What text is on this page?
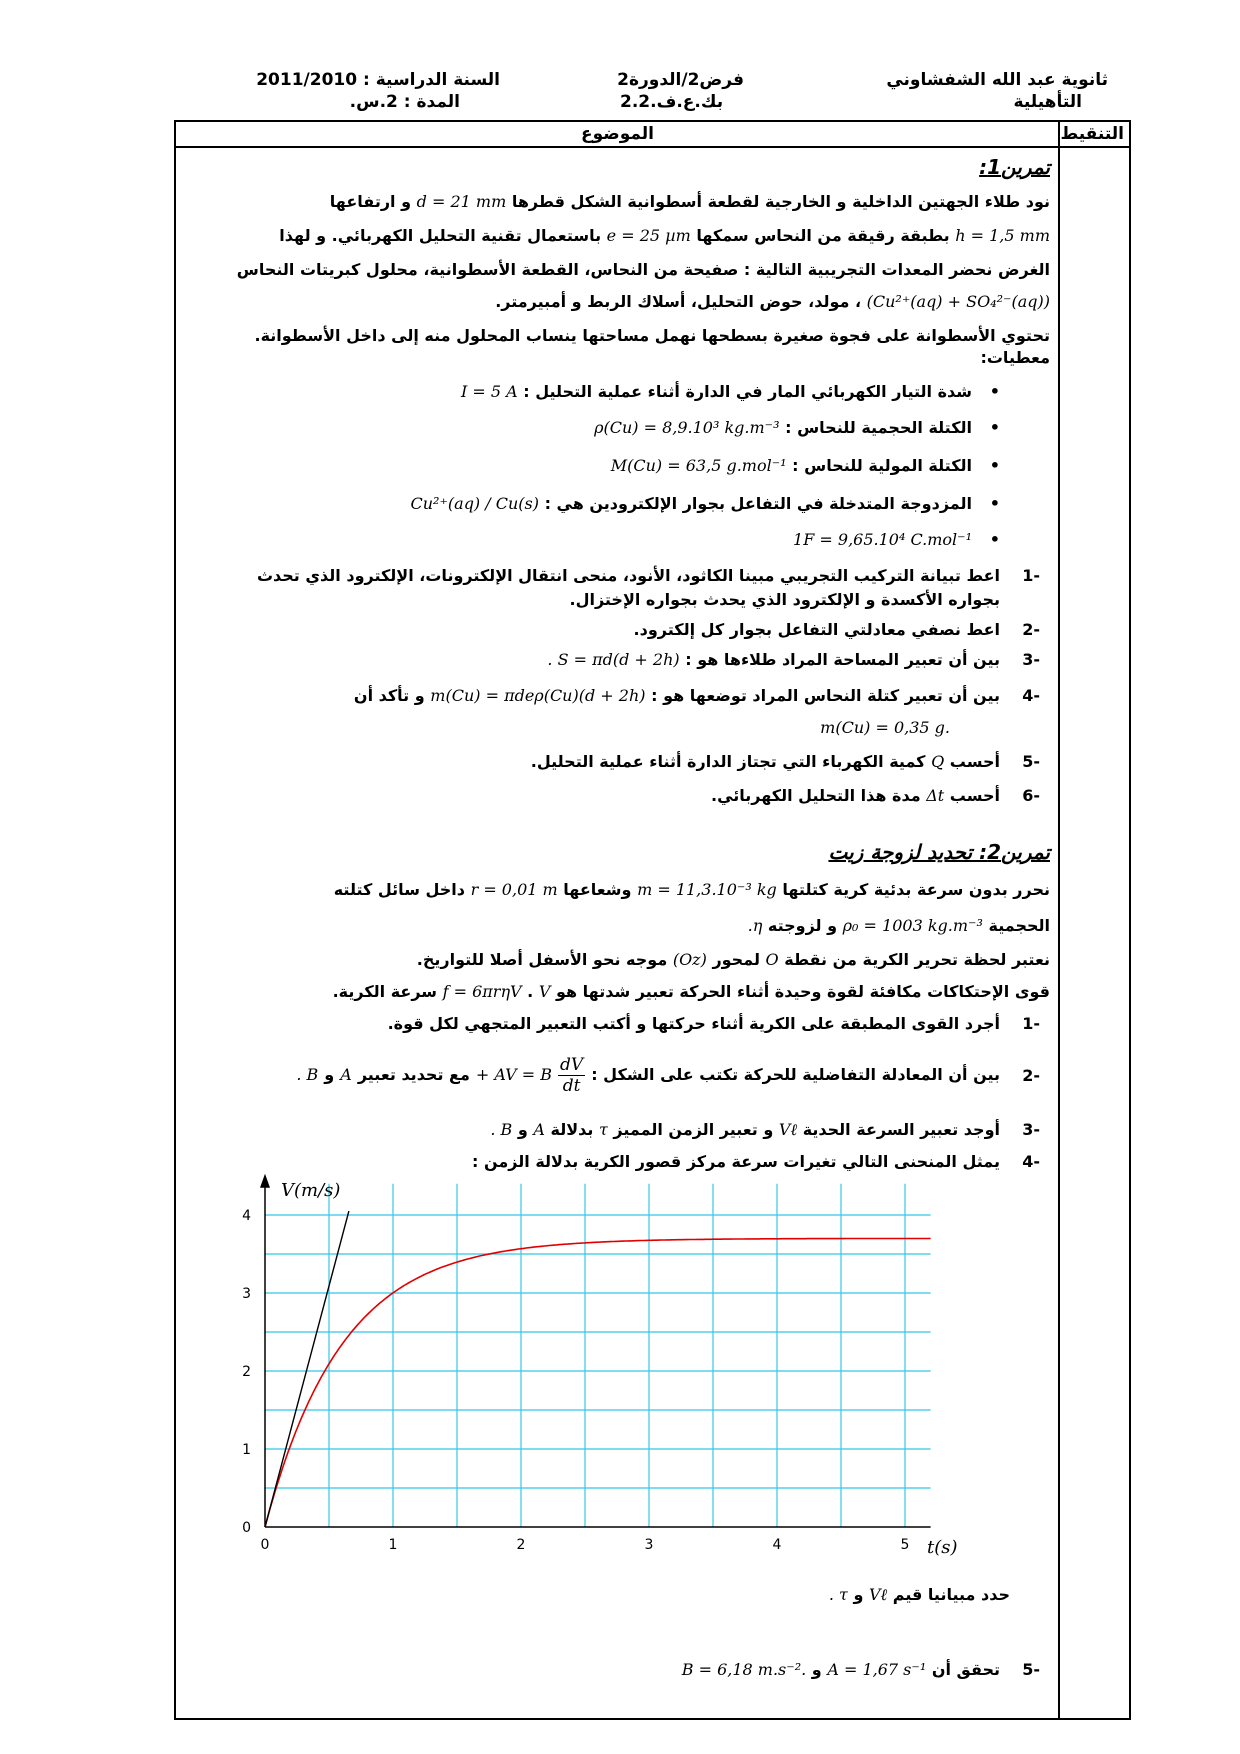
ثانوية عبد الله الشفشاوني
التأهيلية
فرض2/الدورة2
2.بك.ع.ف.2
السنة الدراسية : 2011/2010
المدة : 2.س.
التنقيط
الموضوع
تمرين1:
نود طلاء الجهتين الداخلية و الخارجية لقطعة أسطوانية الشكل قطرها d = 21 mm و ارتفاعها
h = 1,5 mm بطبقة رقيقة من النحاس سمكها e = 25 µm باستعمال تقنية التحليل الكهربائي. و لهذا
الغرض نحضر المعدات التجريبية التالية : صفيحة من النحاس، القطعة الأسطوانية، محلول كبريتات النحاس
(Cu²⁺(aq) + SO₄²⁻(aq)) ، مولد، حوض التحليل، أسلاك الربط و أمبيرمتر.
تحتوي الأسطوانة على فجوة صغيرة بسطحها نهمل مساحتها ينساب المحلول منه إلى داخل الأسطوانة.
معطيات:
• شدة التيار الكهربائي المار في الدارة أثناء عملية التحليل : I = 5 A
• الكتلة الحجمية للنحاس : ρ(Cu) = 8,9.10³ kg.m⁻³
• الكتلة المولية للنحاس : M(Cu) = 63,5 g.mol⁻¹
• المزدوجة المتدخلة في التفاعل بجوار الإلكترودين هي : Cu²⁺(aq) / Cu(s)
• 1F = 9,65.10⁴ C.mol⁻¹
-1
اعط تبيانة التركيب التجريبي مبينا الكاثود، الأنود، منحى انتقال الإلكترونات، الإلكترود الذي تحدث
بجواره الأكسدة و الإلكترود الذي يحدث بجواره الإختزال.
-2
اعط نصفي معادلتي التفاعل بجوار كل إلكترود.
-3
بين أن تعبير المساحة المراد طلاءها هو : S = πd(d + 2h) .
-4
بين أن تعبير كتلة النحاس المراد توضعها هو : m(Cu) = πdeρ(Cu)(d + 2h) و تأكد أن
.m(Cu) = 0,35 g
-5
أحسب Q كمية الكهرباء التي تجتاز الدارة أثناء عملية التحليل.
-6
أحسب Δt مدة هذا التحليل الكهربائي.
تمرين2: تحديد لزوجة زيت
نحرر بدون سرعة بدئية كرية كتلتها m = 11,3.10⁻³ kg وشعاعها r = 0,01 m داخل سائل كتلته
الحجمية ρ₀ = 1003 kg.m⁻³ و لزوجته η.
نعتبر لحظة تحرير الكرية من نقطة O لمحور (Oz) موجه نحو الأسفل أصلا للتواريخ.
قوى الإحتكاكات مكافئة لقوة وحيدة أثناء الحركة تعبير شدتها هو f = 6πrηV . V سرعة الكرية.
-1
أجرد القوى المطبقة على الكرية أثناء حركتها و أكتب التعبير المتجهي لكل قوة.
-2
بين أن المعادلة التفاضلية للحركة تكتب على الشكل :
dV
dt
+ AV = B
مع تحديد تعبير
A
و
B .
-3
أوجد تعبير السرعة الحدية Vℓ و تعبير الزمن المميز τ بدلالة A و B .
-4
يمثل المنحنى التالي تغيرات سرعة مركز قصور الكرية بدلالة الزمن :
0	1	2	3	4	5
0
1
2
3
4
t(s)
V(m/s)
حدد مبيانيا قيم Vℓ و τ .
-5
تحقق أن A = 1,67 s⁻¹ و .B = 6,18 m.s⁻²
